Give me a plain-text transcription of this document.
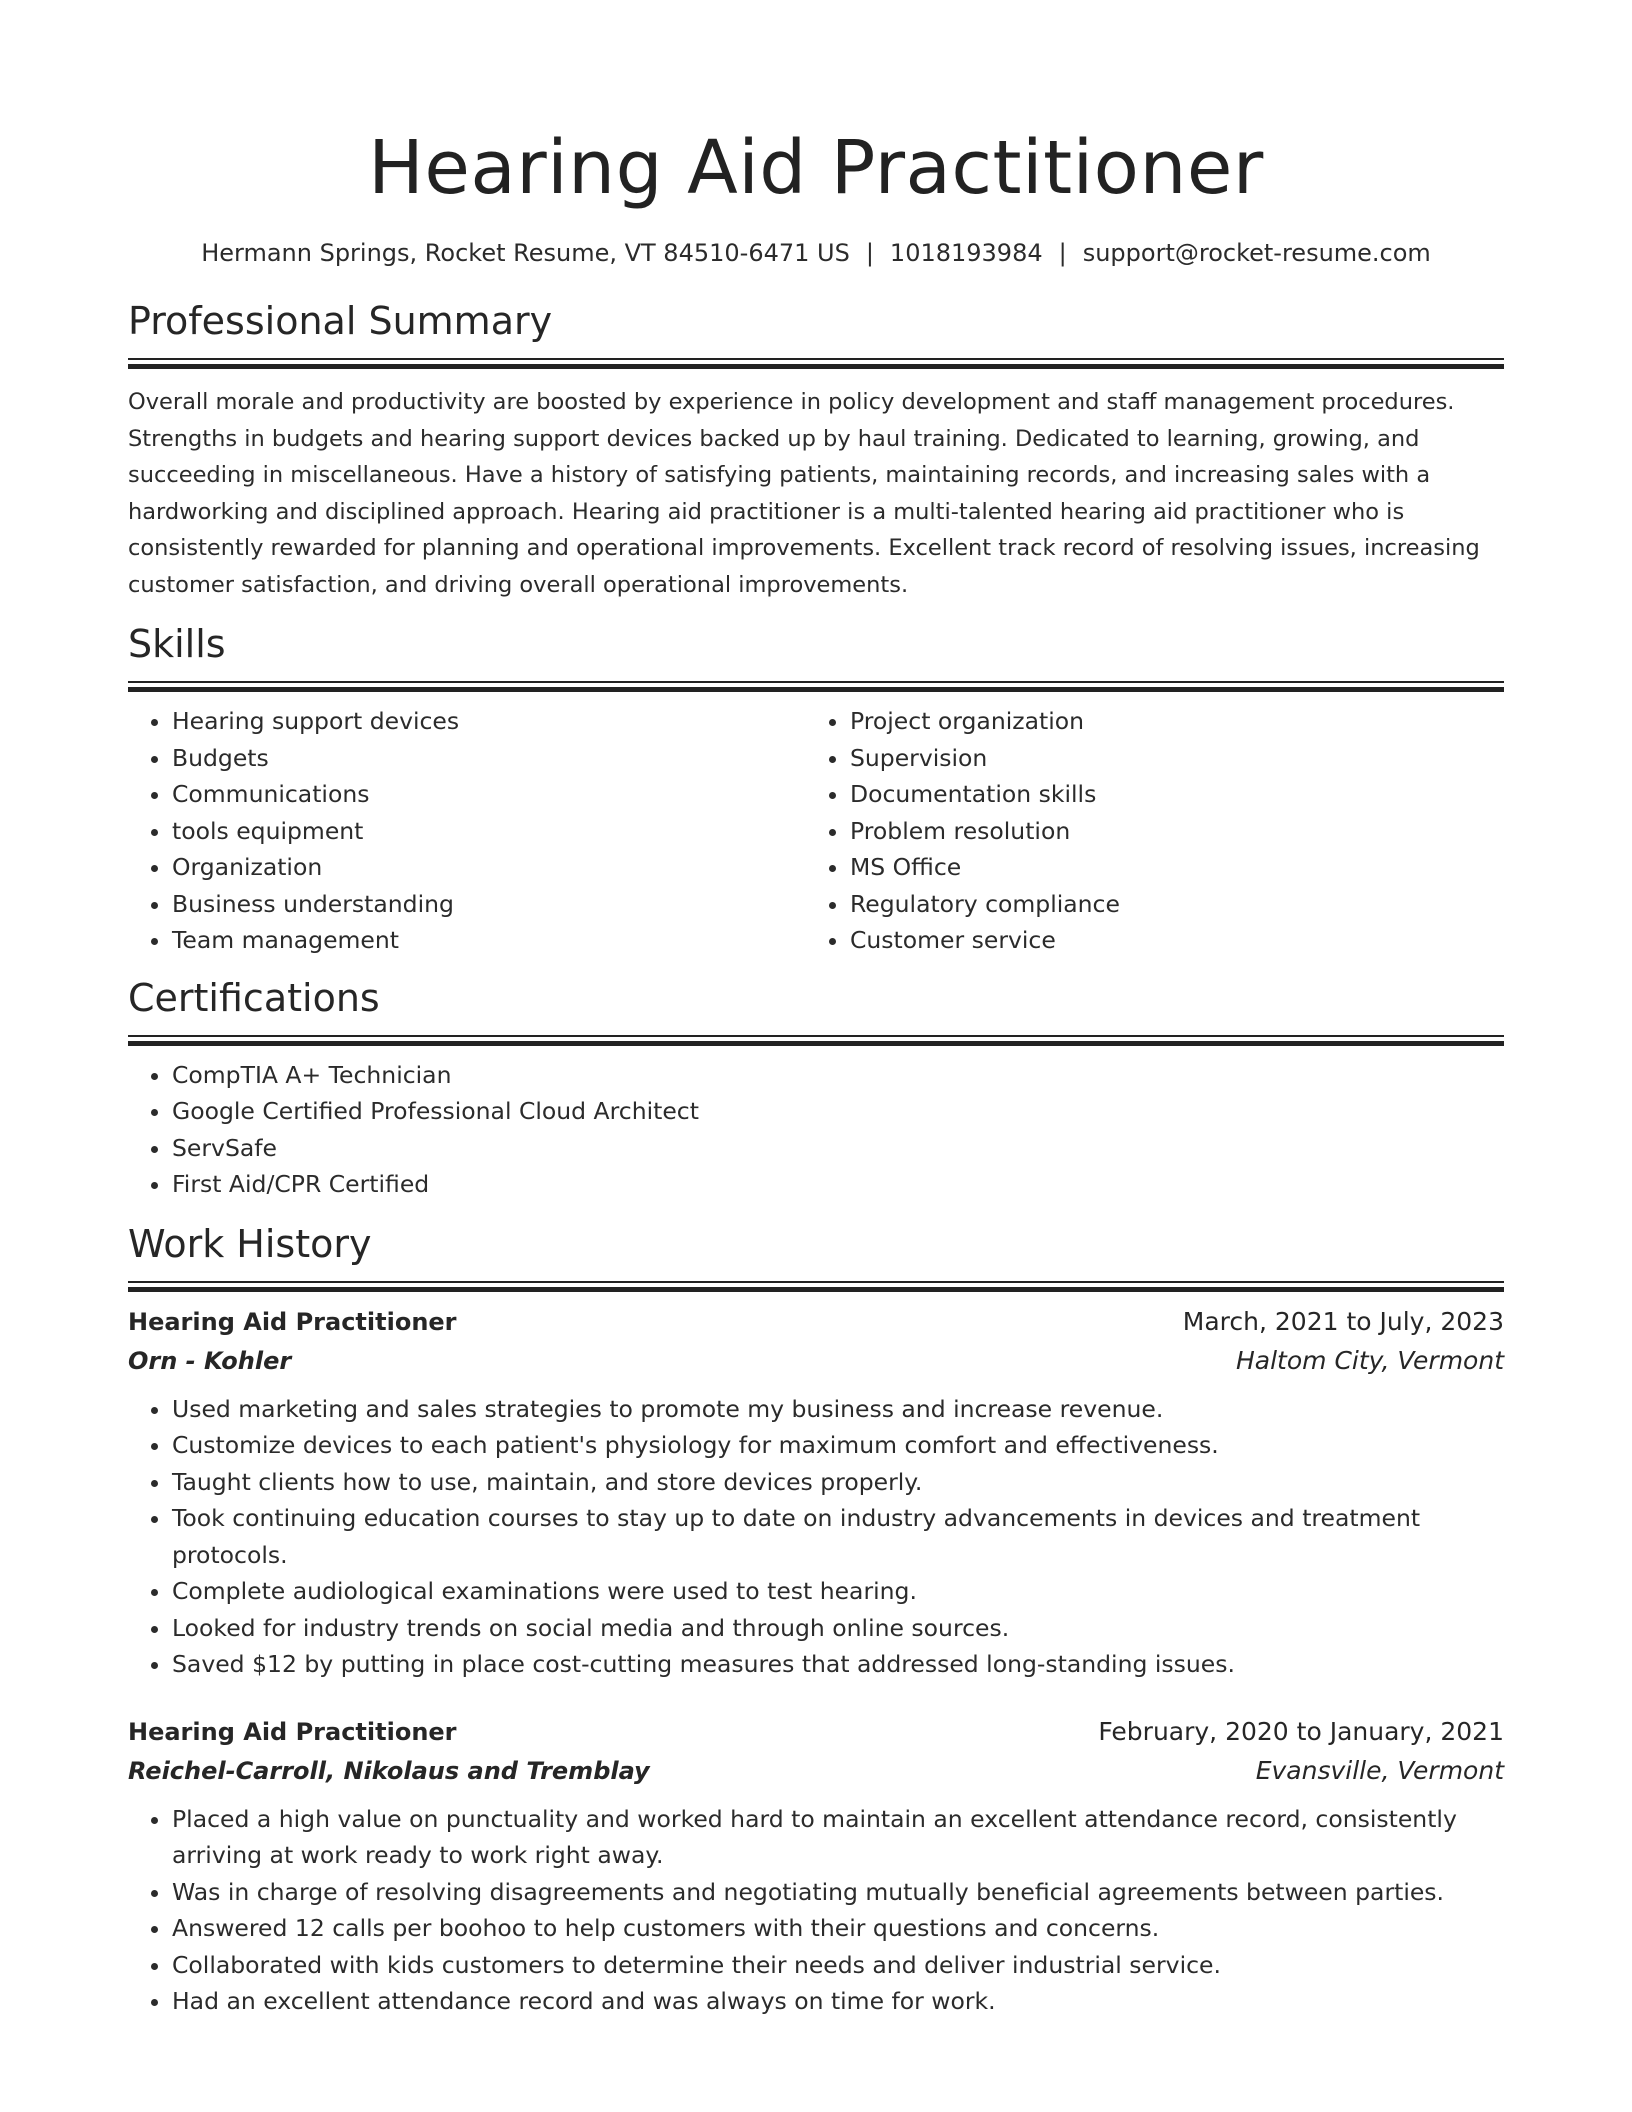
Hearing Aid Practitioner
Hermann Springs, Rocket Resume, VT 84510-6471 US | 1018193984 | support@rocket-resume.com
Professional Summary

Overall morale and productivity are boosted by experience in policy development and staff management procedures. Strengths in budgets and hearing support devices backed up by haul training. Dedicated to learning, growing, and succeeding in miscellaneous. Have a history of satisfying patients, maintaining records, and increasing sales with a hardworking and disciplined approach. Hearing aid practitioner is a multi-talented hearing aid practitioner who is consistently rewarded for planning and operational improvements. Excellent track record of resolving issues, increasing customer satisfaction, and driving overall operational improvements.

Skills
• Hearing support devices
• Budgets
• Communications
• tools equipment
• Organization
• Business understanding
• Team management
• Project organization
• Supervision
• Documentation skills
• Problem resolution
• MS Office
• Regulatory compliance
• Customer service
Certifications
• CompTIA A+ Technician
• Google Certified Professional Cloud Architect
• ServSafe
• First Aid/CPR Certified
Work History
Hearing Aid Practitioner	March, 2021 to July, 2023
Orn - Kohler	Haltom City, Vermont
• Used marketing and sales strategies to promote my business and increase revenue.
• Customize devices to each patient's physiology for maximum comfort and effectiveness.
• Taught clients how to use, maintain, and store devices properly.
• Took continuing education courses to stay up to date on industry advancements in devices and treatment protocols.
• Complete audiological examinations were used to test hearing.
• Looked for industry trends on social media and through online sources.
• Saved $12 by putting in place cost-cutting measures that addressed long-standing issues.
Hearing Aid Practitioner	February, 2020 to January, 2021
Reichel-Carroll, Nikolaus and Tremblay	Evansville, Vermont
• Placed a high value on punctuality and worked hard to maintain an excellent attendance record, consistently arriving at work ready to work right away.
• Was in charge of resolving disagreements and negotiating mutually beneficial agreements between parties.
• Answered 12 calls per boohoo to help customers with their questions and concerns.
• Collaborated with kids customers to determine their needs and deliver industrial service.
• Had an excellent attendance record and was always on time for work.
